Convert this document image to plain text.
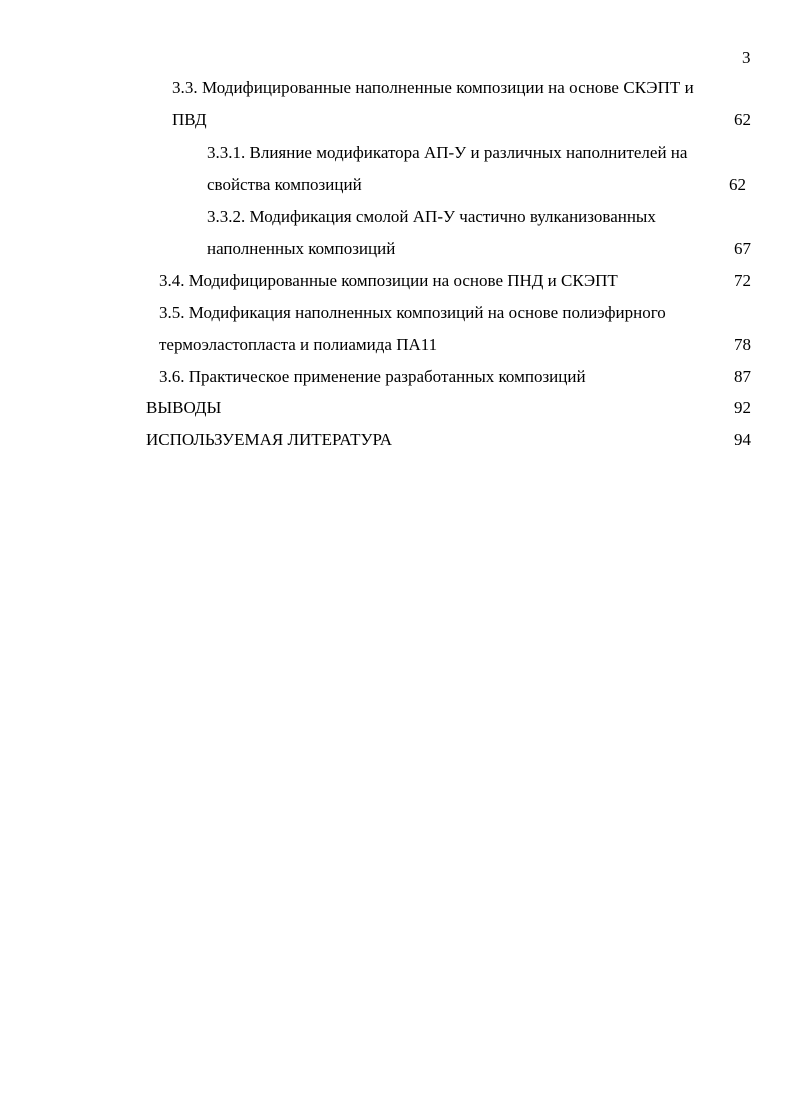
3
3.3. Модифицированные наполненные композиции на основе СКЭПТ и
ПВД	62
3.3.1. Влияние модификатора АП-У и различных наполнителей на
свойства композиций	62
3.3.2. Модификация смолой АП-У частично вулканизованных
наполненных композиций	67
3.4. Модифицированные композиции на основе ПНД и СКЭПТ	72
3.5. Модификация наполненных композиций на основе полиэфирного
термоэластопласта и полиамида ПА11	78
3.6. Практическое применение разработанных композиций	87
ВЫВОДЫ	92
ИСПОЛЬЗУЕМАЯ ЛИТЕРАТУРА	94
